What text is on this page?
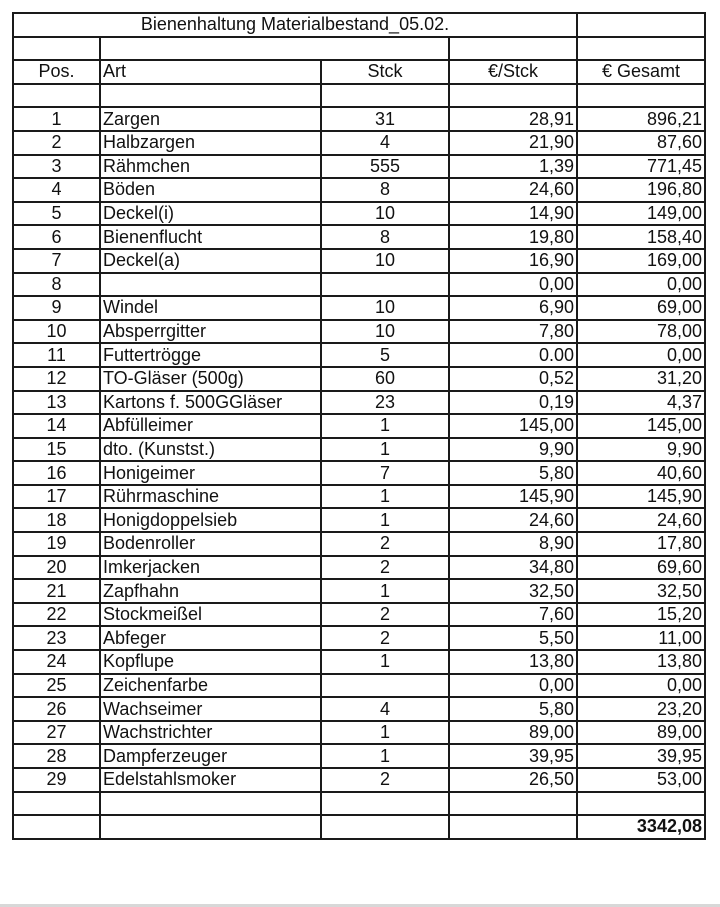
Bienenhaltung Materialbestand_05.02.				

Pos.	Art	Stck	€/Stck	€ Gesamt

1	Zargen	31	28,91	896,21
2	Halbzargen	4	21,90	87,60
3	Rähmchen	555	1,39	771,45
4	Böden	8	24,60	196,80
5	Deckel(i)	10	14,90	149,00
6	Bienenflucht	8	19,80	158,40
7	Deckel(a)	10	16,90	169,00
8			0,00	0,00
9	Windel	10	6,90	69,00
10	Absperrgitter	10	7,80	78,00
11	Futtertrögge	5	0.00	0,00
12	TO-Gläser (500g)	60	0,52	31,20
13	Kartons f. 500GGläser	23	0,19	4,37
14	Abfülleimer	1	145,00	145,00
15	dto. (Kunstst.)	1	9,90	9,90
16	Honigeimer	7	5,80	40,60
17	Rührmaschine	1	145,90	145,90
18	Honigdoppelsieb	1	24,60	24,60
19	Bodenroller	2	8,90	17,80
20	Imkerjacken	2	34,80	69,60
21	Zapfhahn	1	32,50	32,50
22	Stockmeißel	2	7,60	15,20
23	Abfeger	2	5,50	11,00
24	Kopflupe	1	13,80	13,80
25	Zeichenfarbe		0,00	0,00
26	Wachseimer	4	5,80	23,20
27	Wachstrichter	1	89,00	89,00
28	Dampferzeuger	1	39,95	39,95
29	Edelstahlsmoker	2	26,50	53,00

				3342,08
